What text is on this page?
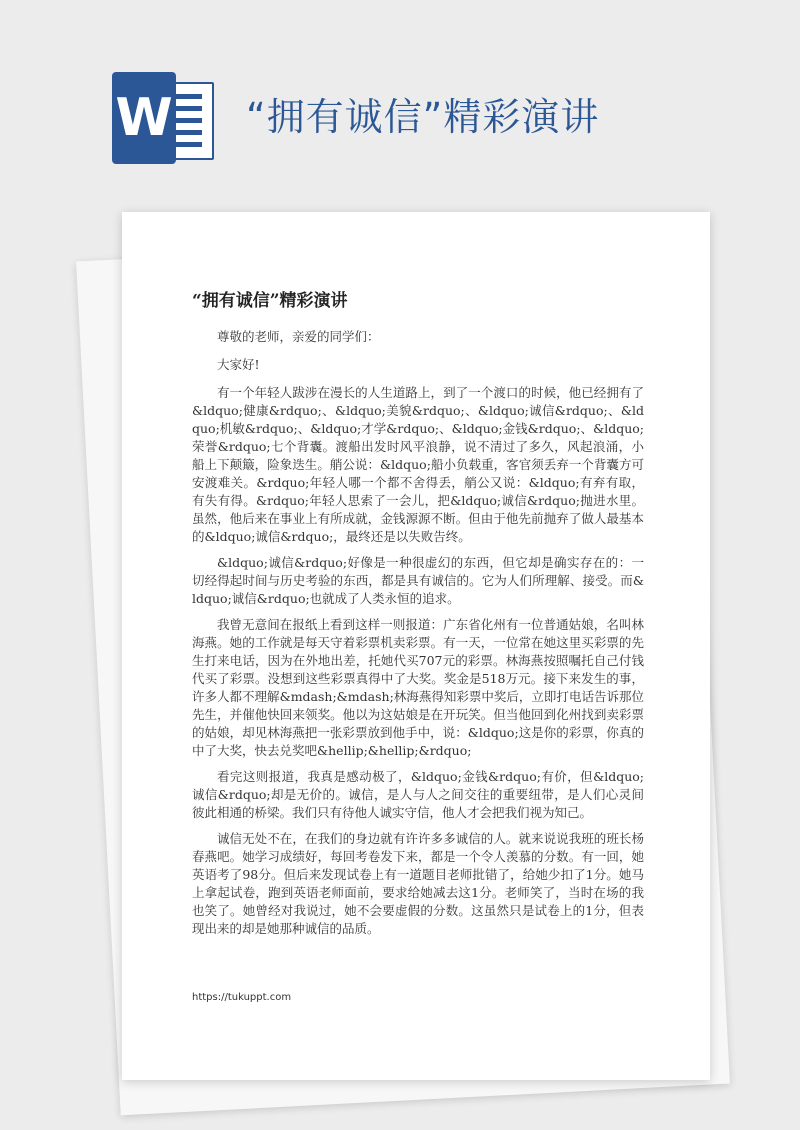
W “拥有诚信”精彩演讲
“拥有诚信”精彩演讲

尊敬的老师，亲爱的同学们：

大家好!

有一个年轻人跋涉在漫长的人生道路上，到了一个渡口的时候，他已经拥有了&ldquo;健康&rdquo;、&ldquo;美貌&rdquo;、&ldquo;诚信&rdquo;、&ldquo;机敏&rdquo;、&ldquo;才学&rdquo;、&ldquo;金钱&rdquo;、&ldquo;荣誉&rdquo;七个背囊。渡船出发时风平浪静，说不清过了多久，风起浪涌，小船上下颠簸，险象迭生。艄公说：&ldquo;船小负载重，客官须丢弃一个背囊方可安渡难关。&rdquo;年轻人哪一个都不舍得丢，艄公又说：&ldquo;有弃有取，有失有得。&rdquo;年轻人思索了一会儿，把&ldquo;诚信&rdquo;抛进水里。虽然，他后来在事业上有所成就，金钱源源不断。但由于他先前抛弃了做人最基本的&ldquo;诚信&rdquo;，最终还是以失败告终。

&ldquo;诚信&rdquo;好像是一种很虚幻的东西，但它却是确实存在的：一切经得起时间与历史考验的东西，都是具有诚信的。它为人们所理解、接受。而&ldquo;诚信&rdquo;也就成了人类永恒的追求。

我曾无意间在报纸上看到这样一则报道：广东省化州有一位普通姑娘，名叫林海燕。她的工作就是每天守着彩票机卖彩票。有一天，一位常在她这里买彩票的先生打来电话，因为在外地出差，托她代买707元的彩票。林海燕按照嘱托自己付钱代买了彩票。没想到这些彩票真得中了大奖。奖金是518万元。接下来发生的事，许多人都不理解&mdash;&mdash;林海燕得知彩票中奖后，立即打电话告诉那位先生，并催他快回来领奖。他以为这姑娘是在开玩笑。但当他回到化州找到卖彩票的姑娘，却见林海燕把一张彩票放到他手中，说：&ldquo;这是你的彩票，你真的中了大奖，快去兑奖吧&hellip;&hellip;&rdquo;

看完这则报道，我真是感动极了，&ldquo;金钱&rdquo;有价，但&ldquo;诚信&rdquo;却是无价的。诚信，是人与人之间交往的重要纽带，是人们心灵间彼此相通的桥梁。我们只有待他人诚实守信，他人才会把我们视为知己。

诚信无处不在，在我们的身边就有许许多多诚信的人。就来说说我班的班长杨春燕吧。她学习成绩好，每回考卷发下来，都是一个令人羡慕的分数。有一回，她英语考了98分。但后来发现试卷上有一道题目老师批错了，给她少扣了1分。她马上拿起试卷，跑到英语老师面前，要求给她减去这1分。老师笑了，当时在场的我也笑了。她曾经对我说过，她不会要虚假的分数。这虽然只是试卷上的1分，但表现出来的却是她那种诚信的品质。

https://tukuppt.com
